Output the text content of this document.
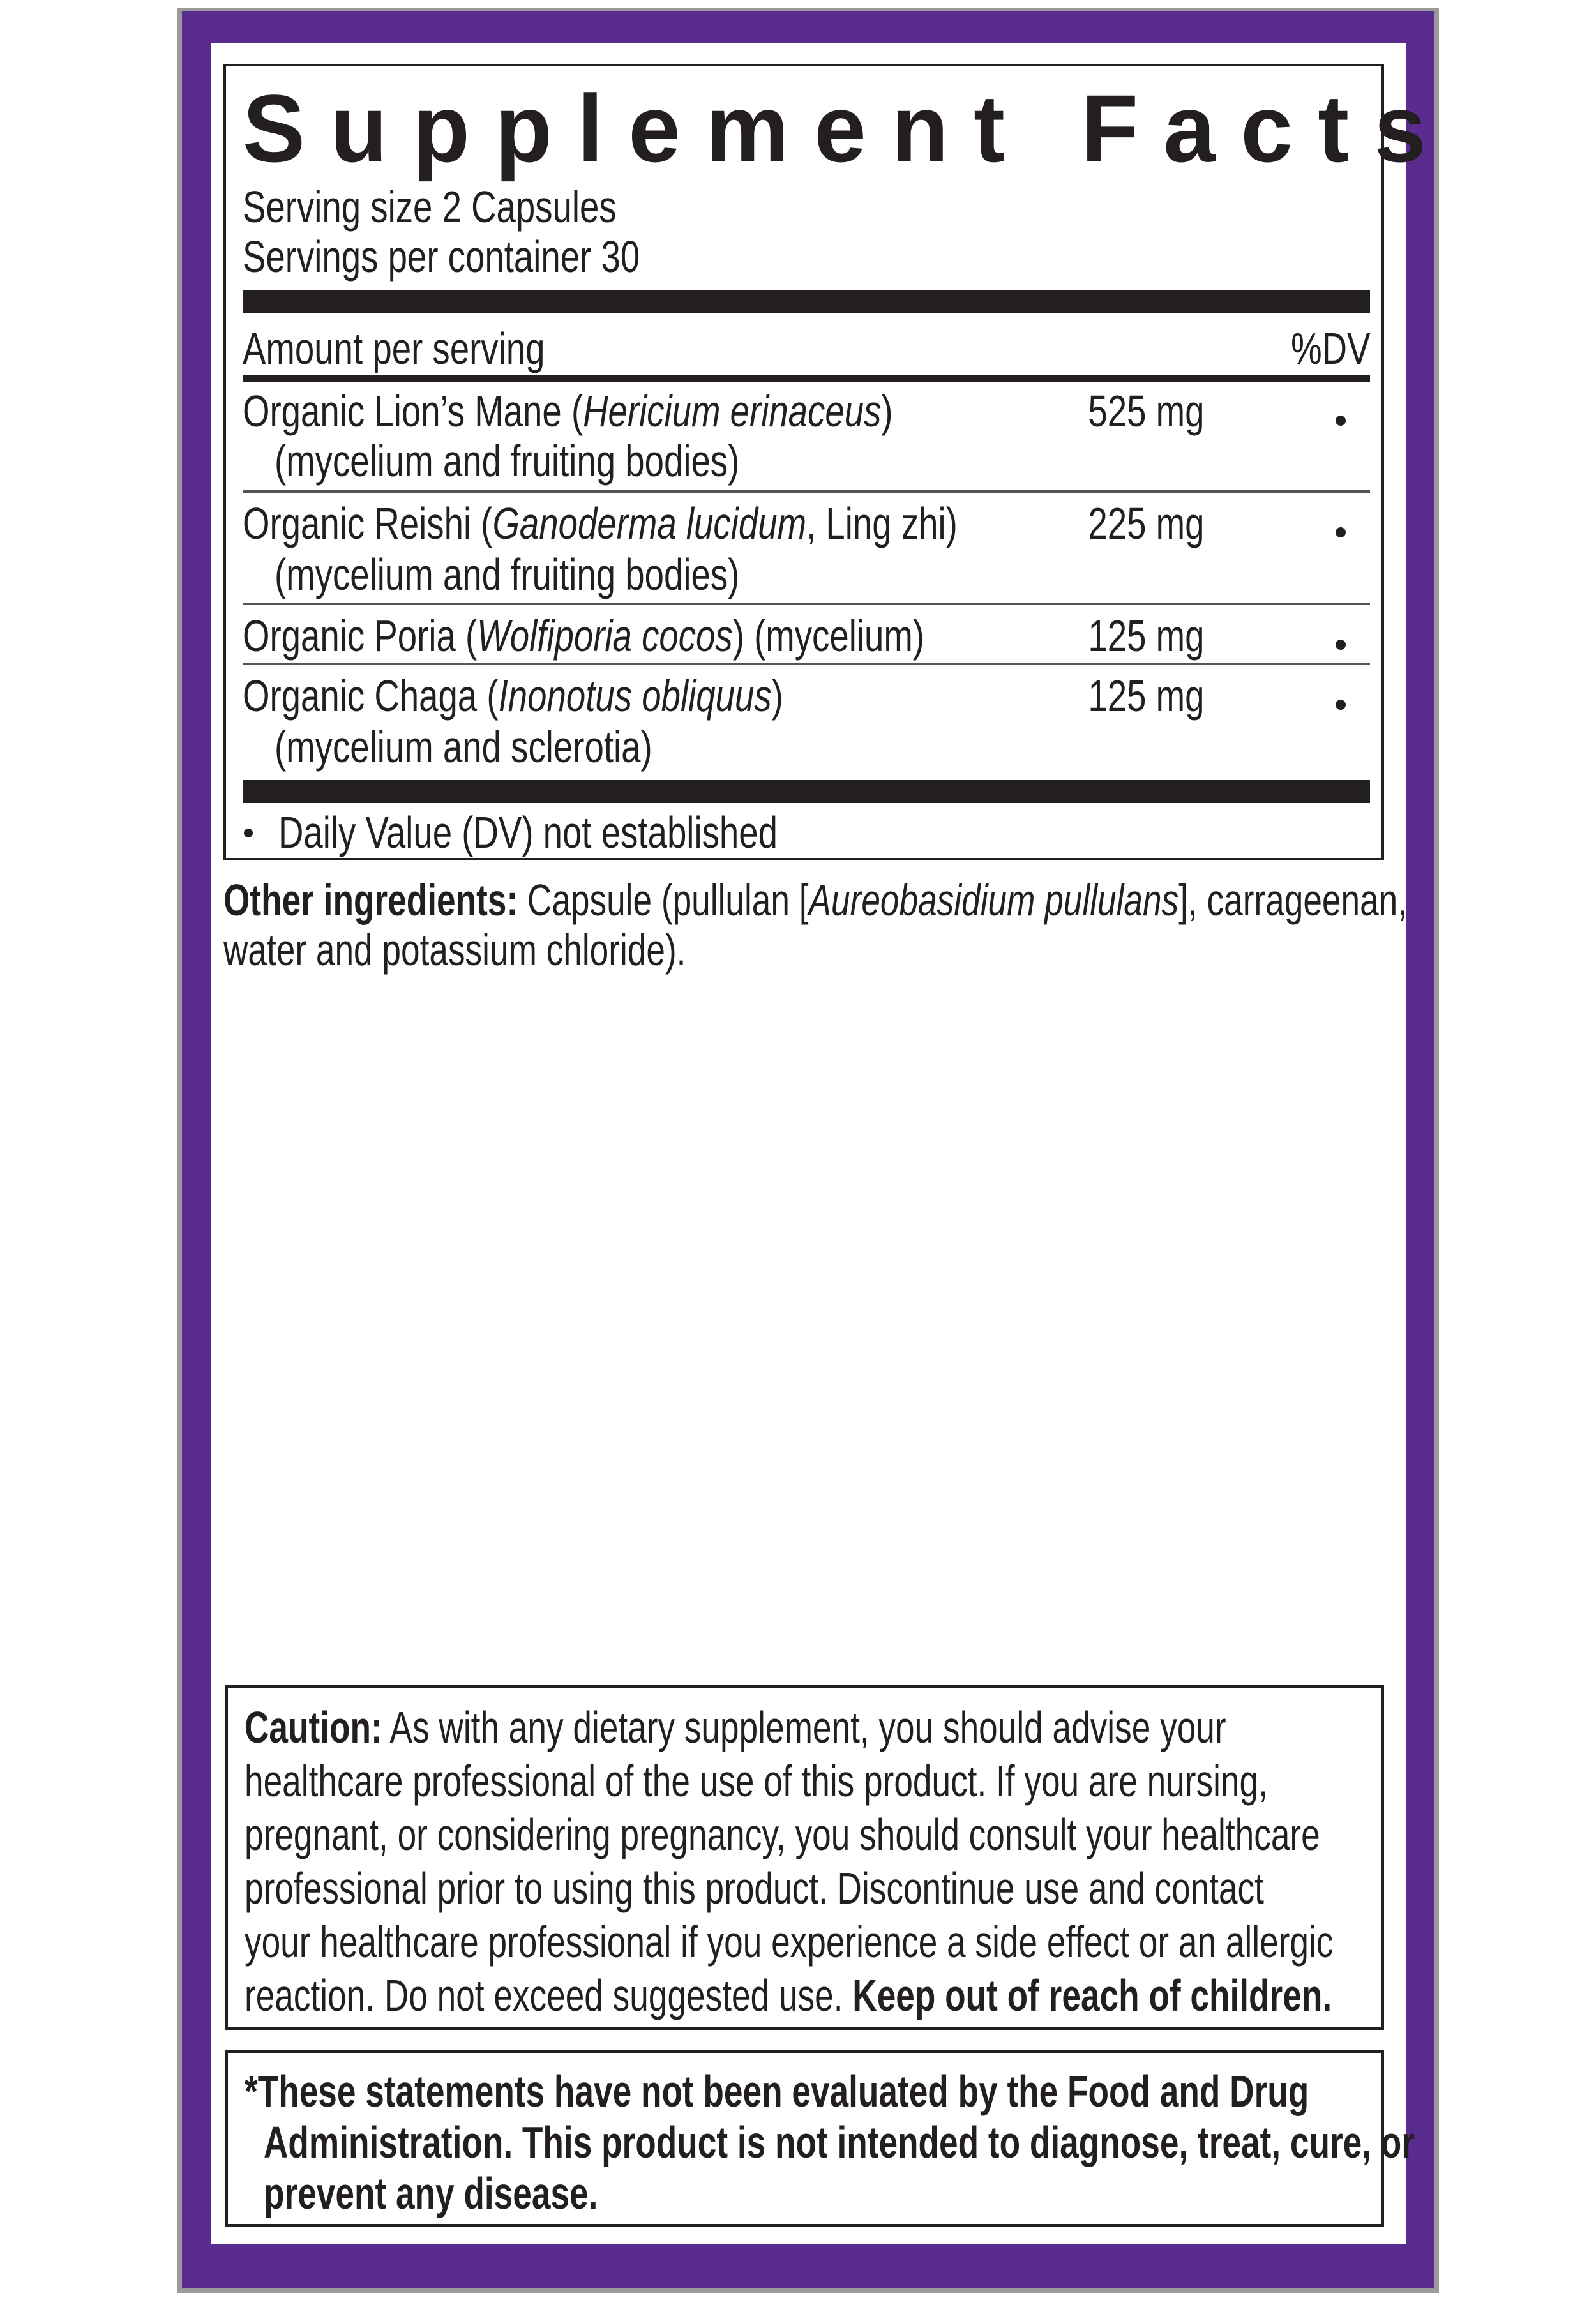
Supplement Facts
Serving size 2 Capsules
Servings per container 30
Amount per serving	%DV
Organic Lion’s Mane (Hericium erinaceus)
(mycelium and fruiting bodies)
525 mg
Organic Reishi (Ganoderma lucidum, Ling zhi)
(mycelium and fruiting bodies)
225 mg
Organic Poria (Wolfiporia cocos) (mycelium)	125 mg
Organic Chaga (Inonotus obliquus)
(mycelium and sclerotia)
125 mg
Daily Value (DV) not established
Other ingredients: Capsule (pullulan [Aureobasidium pullulans], carrageenan,
water and potassium chloride).
Caution: As with any dietary supplement, you should advise your
healthcare professional of the use of this product. If you are nursing,
pregnant, or considering pregnancy, you should consult your healthcare
professional prior to using this product. Discontinue use and contact
your healthcare professional if you experience a side effect or an allergic
reaction. Do not exceed suggested use. Keep out of reach of children.
*These statements have not been evaluated by the Food and Drug
Administration. This product is not intended to diagnose, treat, cure, or
prevent any disease.
